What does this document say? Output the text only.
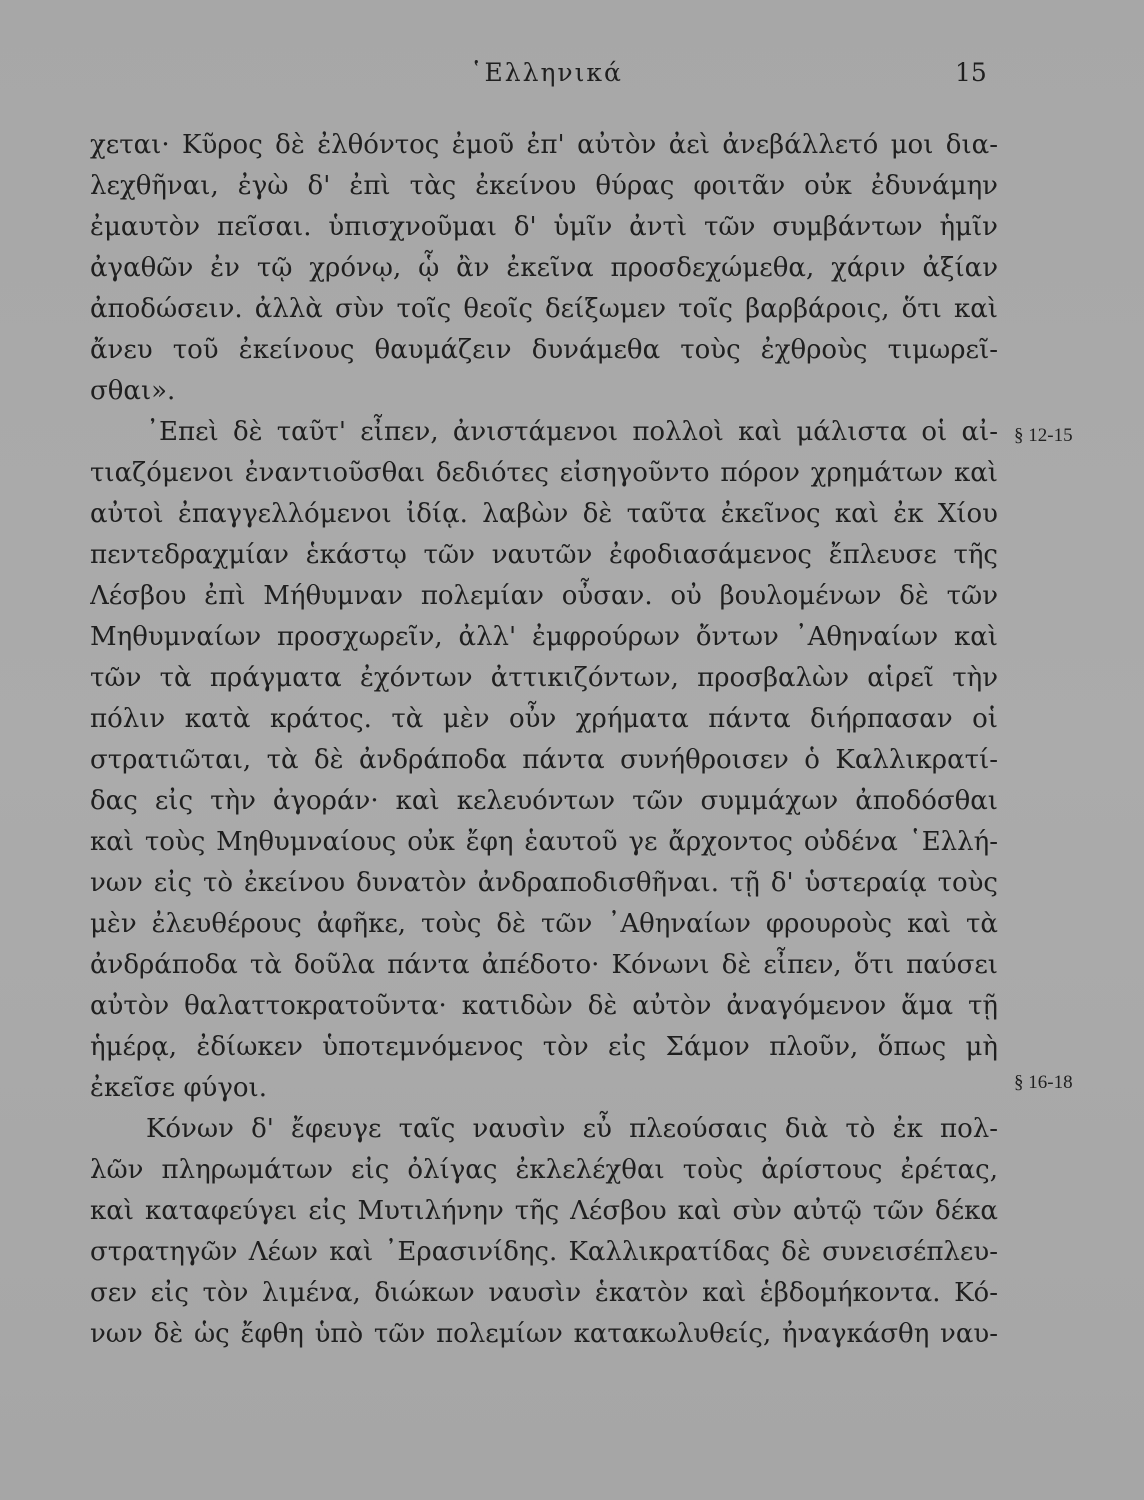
῾Ελληνικά	15
χεται· Κῦρος δὲ ἐλθόντος ἐμοῦ ἐπ' αὐτὸν ἀεὶ ἀνεβάλλετό μοι δια-
λεχθῆναι, ἐγὼ δ' ἐπὶ τὰς ἐκείνου θύρας φοιτᾶν οὐκ ἐδυνάμην
ἐμαυτὸν πεῖσαι. ὑπισχνοῦμαι δ' ὑμῖν ἀντὶ τῶν συμβάντων ἡμῖν
ἀγαθῶν ἐν τῷ χρόνῳ, ᾧ ἂν ἐκεῖνα προσδεχώμεθα, χάριν ἀξίαν
ἀποδώσειν. ἀλλὰ σὺν τοῖς θεοῖς δείξωμεν τοῖς βαρβάροις, ὅτι καὶ
ἄνευ τοῦ ἐκείνους θαυμάζειν δυνάμεθα τοὺς ἐχθροὺς τιμωρεῖ-
σθαι».
᾿Επεὶ δὲ ταῦτ' εἶπεν, ἀνιστάμενοι πολλοὶ καὶ μάλιστα οἱ αἰ-
τιαζόμενοι ἐναντιοῦσθαι δεδιότες εἰσηγοῦντο πόρον χρημάτων καὶ
αὐτοὶ ἐπαγγελλόμενοι ἰδίᾳ. λαβὼν δὲ ταῦτα ἐκεῖνος καὶ ἐκ Χίου
πεντεδραχμίαν ἑκάστῳ τῶν ναυτῶν ἐφοδιασάμενος ἔπλευσε τῆς
Λέσβου ἐπὶ Μήθυμναν πολεμίαν οὖσαν. οὐ βουλομένων δὲ τῶν
Μηθυμναίων προσχωρεῖν, ἀλλ' ἐμφρούρων ὄντων ᾿Αθηναίων καὶ
τῶν τὰ πράγματα ἐχόντων ἀττικιζόντων, προσβαλὼν αἱρεῖ τὴν
πόλιν κατὰ κράτος. τὰ μὲν οὖν χρήματα πάντα διήρπασαν οἱ
στρατιῶται, τὰ δὲ ἀνδράποδα πάντα συνήθροισεν ὁ Καλλικρατί-
δας εἰς τὴν ἀγοράν· καὶ κελευόντων τῶν συμμάχων ἀποδόσθαι
καὶ τοὺς Μηθυμναίους οὐκ ἔφη ἑαυτοῦ γε ἄρχοντος οὐδένα ῾Ελλή-
νων εἰς τὸ ἐκείνου δυνατὸν ἀνδραποδισθῆναι. τῇ δ' ὑστεραίᾳ τοὺς
μὲν ἐλευθέρους ἀφῆκε, τοὺς δὲ τῶν ᾿Αθηναίων φρουροὺς καὶ τὰ
ἀνδράποδα τὰ δοῦλα πάντα ἀπέδοτο· Κόνωνι δὲ εἶπεν, ὅτι παύσει
αὐτὸν θαλαττοκρατοῦντα· κατιδὼν δὲ αὐτὸν ἀναγόμενον ἅμα τῇ
ἡμέρᾳ, ἐδίωκεν ὑποτεμνόμενος τὸν εἰς Σάμον πλοῦν, ὅπως μὴ
ἐκεῖσε φύγοι.
Κόνων δ' ἔφευγε ταῖς ναυσὶν εὖ πλεούσαις διὰ τὸ ἐκ πολ-
λῶν πληρωμάτων εἰς ὀλίγας ἐκλελέχθαι τοὺς ἀρίστους ἐρέτας,
καὶ καταφεύγει εἰς Μυτιλήνην τῆς Λέσβου καὶ σὺν αὐτῷ τῶν δέκα
στρατηγῶν Λέων καὶ ᾿Ερασινίδης. Καλλικρατίδας δὲ συνεισέπλευ-
σεν εἰς τὸν λιμένα, διώκων ναυσὶν ἑκατὸν καὶ ἑβδομήκοντα. Κό-
νων δὲ ὡς ἔφθη ὑπὸ τῶν πολεμίων κατακωλυθείς, ἠναγκάσθη ναυ-
§ 12-15
§ 16-18
